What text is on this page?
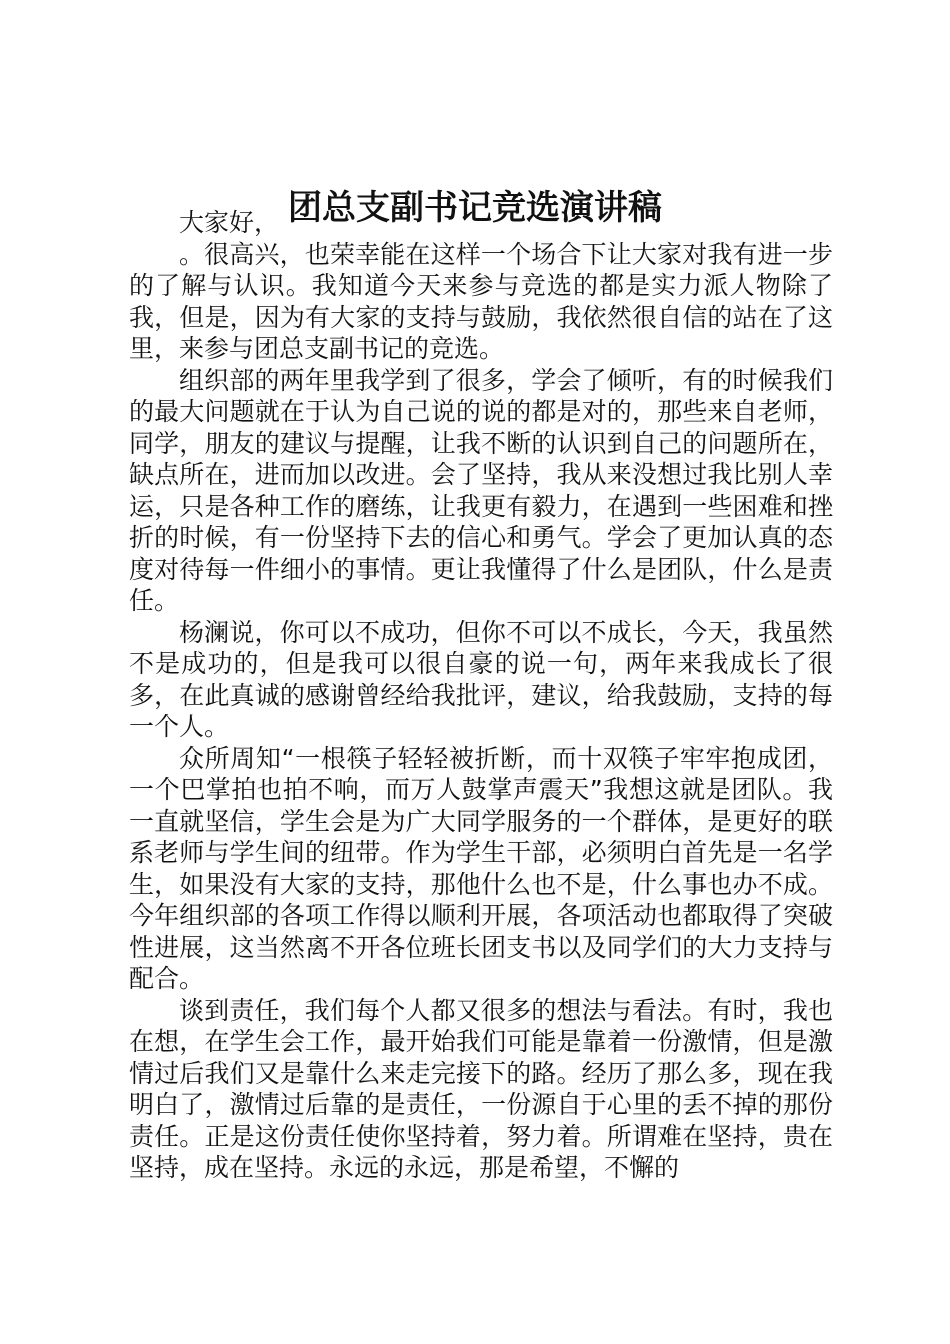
团总支副书记竞选演讲稿

大家好，

。很高兴，也荣幸能在这样一个场合下让大家对我有进一步的了解与认识。我知道今天来参与竞选的都是实力派人物除了我，但是，因为有大家的支持与鼓励，我依然很自信的站在了这里，来参与团总支副书记的竞选。

组织部的两年里我学到了很多，学会了倾听，有的时候我们的最大问题就在于认为自己说的说的都是对的，那些来自老师，同学，朋友的建议与提醒，让我不断的认识到自己的问题所在，缺点所在，进而加以改进。会了坚持，我从来没想过我比别人幸运，只是各种工作的磨练，让我更有毅力，在遇到一些困难和挫折的时候，有一份坚持下去的信心和勇气。学会了更加认真的态度对待每一件细小的事情。更让我懂得了什么是团队，什么是责任。

杨澜说，你可以不成功，但你不可以不成长，今天，我虽然不是成功的，但是我可以很自豪的说一句，两年来我成长了很多，在此真诚的感谢曾经给我批评，建议，给我鼓励，支持的每一个人。

众所周知“一根筷子轻轻被折断，而十双筷子牢牢抱成团，一个巴掌拍也拍不响，而万人鼓掌声震天”我想这就是团队。我一直就坚信，学生会是为广大同学服务的一个群体，是更好的联系老师与学生间的纽带。作为学生干部，必须明白首先是一名学生，如果没有大家的支持，那他什么也不是，什么事也办不成。今年组织部的各项工作得以顺利开展，各项活动也都取得了突破性进展，这当然离不开各位班长团支书以及同学们的大力支持与配合。

谈到责任，我们每个人都又很多的想法与看法。有时，我也在想，在学生会工作，最开始我们可能是靠着一份激情，但是激情过后我们又是靠什么来走完接下的路。经历了那么多，现在我明白了，激情过后靠的是责任，一份源自于心里的丢不掉的那份责任。正是这份责任使你坚持着，努力着。所谓难在坚持，贵在坚持，成在坚持。永远的永远，那是希望，不懈的
